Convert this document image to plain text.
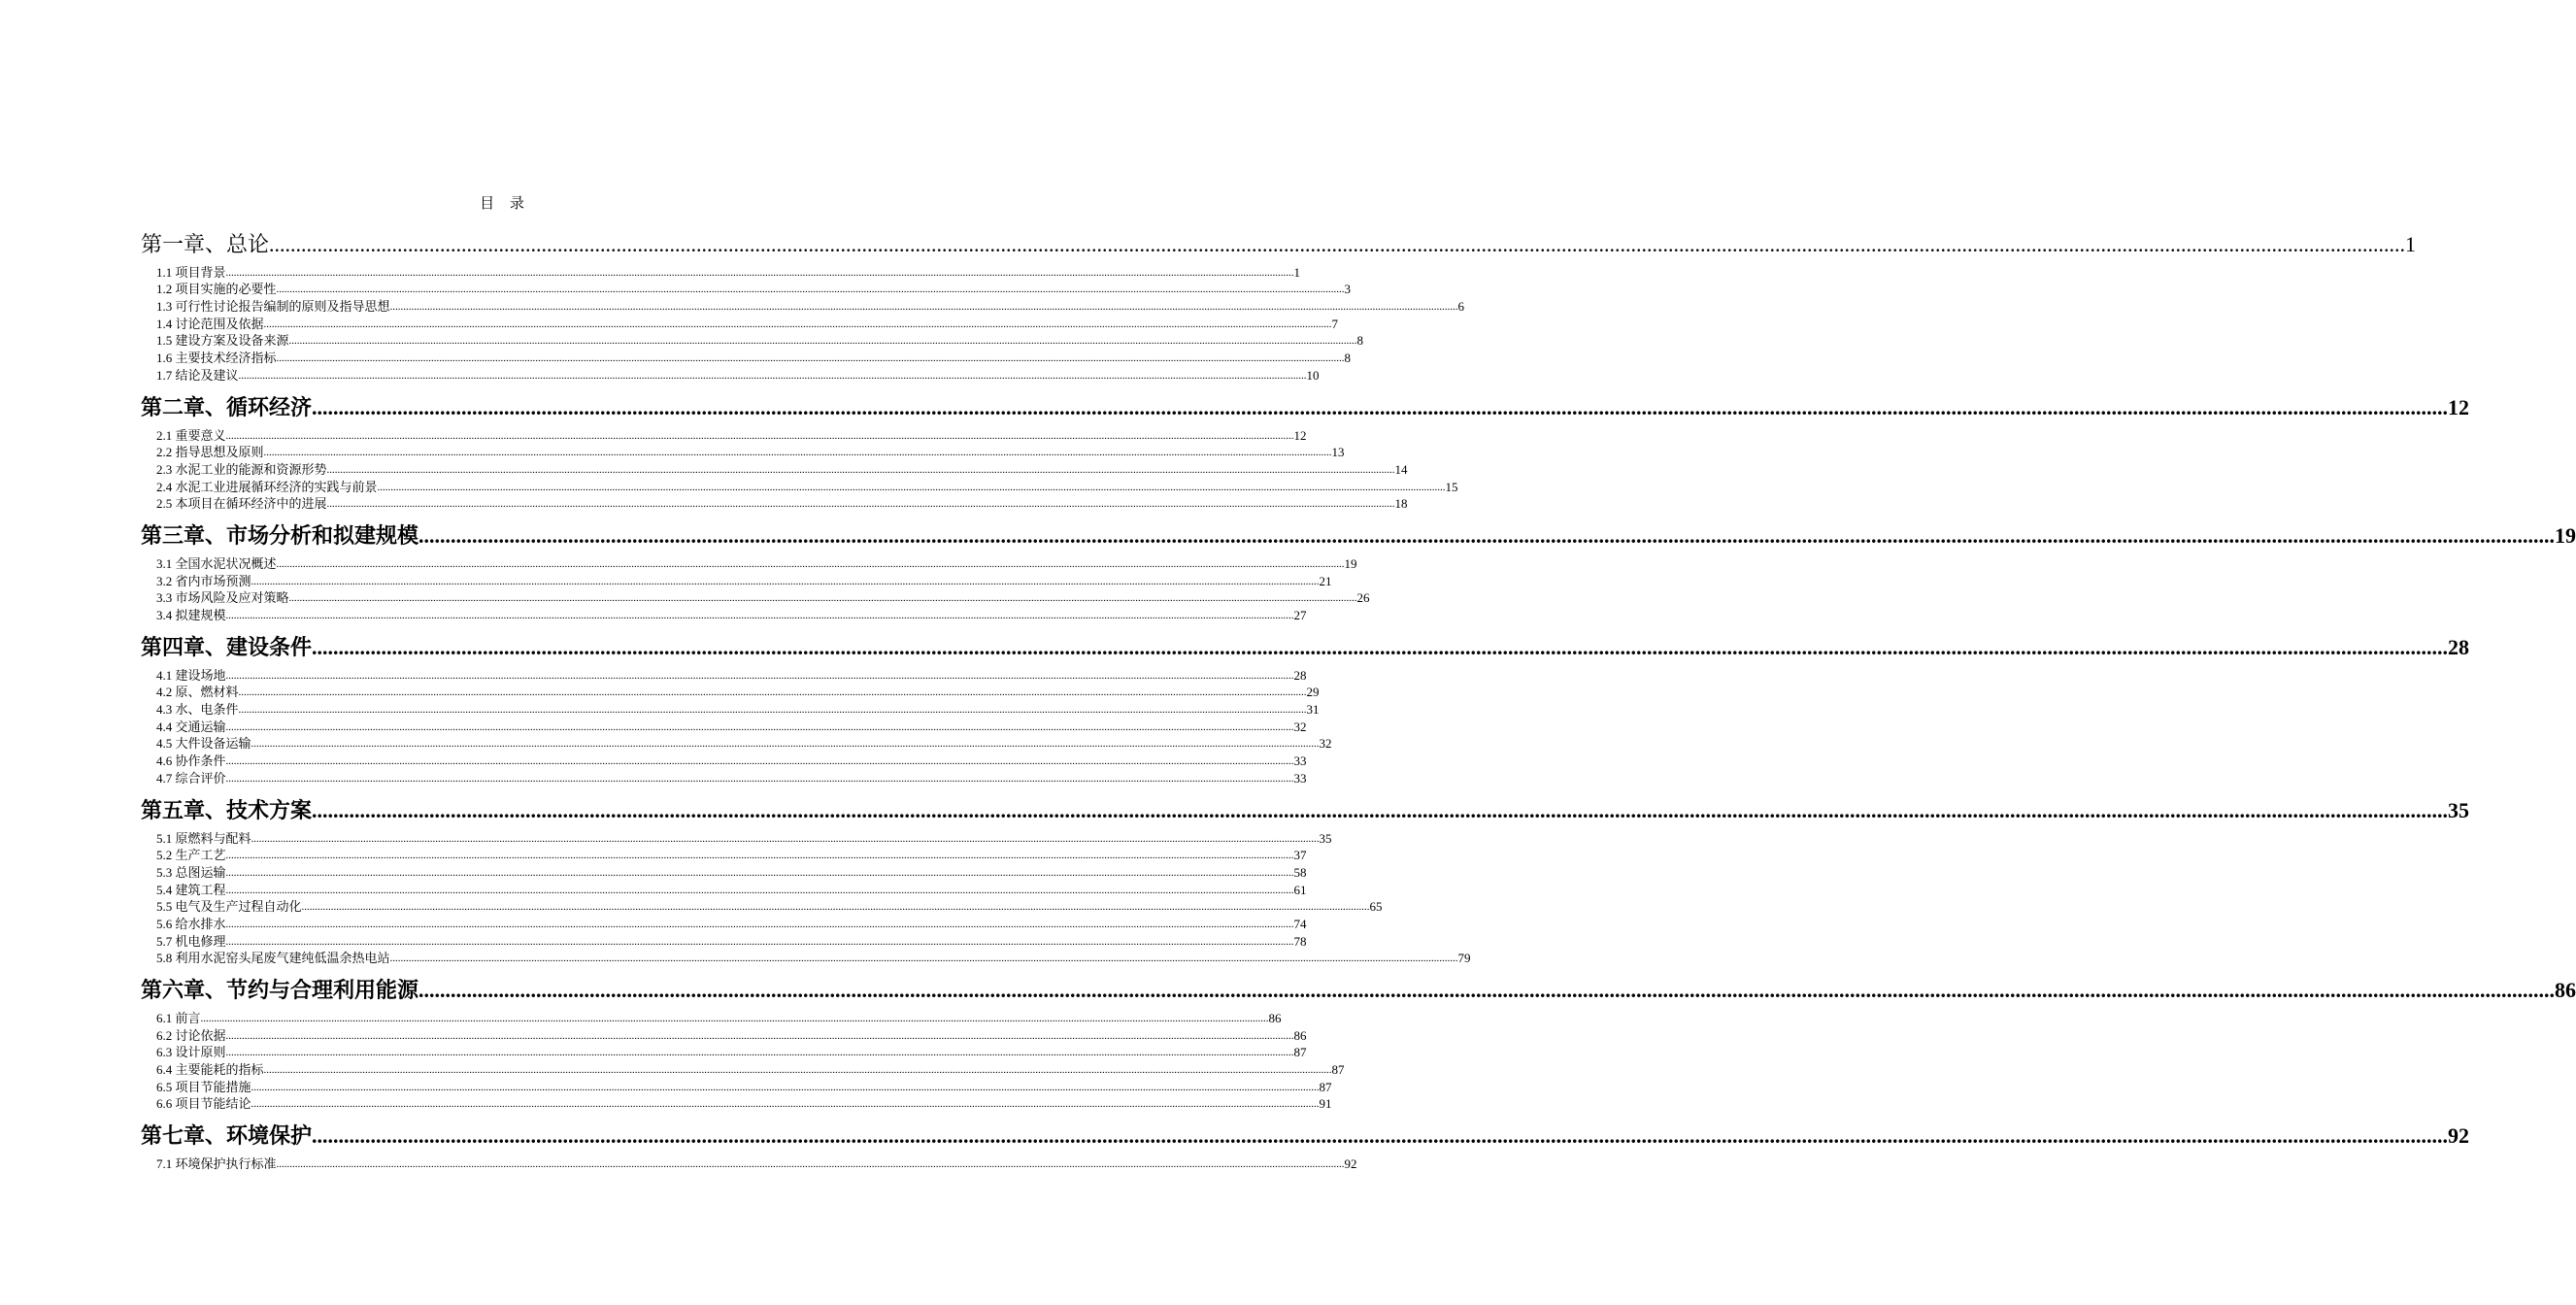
目 录
第一章、总论 ................................................................................................................................................................................................................................................................................................................................................................................................................ 1
1.1 项目背景 ................................................................................................................................................................................................................................................................................................................................................................................................................ 1
1.2 项目实施的必要性 ................................................................................................................................................................................................................................................................................................................................................................................................................ 3
1.3 可行性讨论报告编制的原则及指导思想 ................................................................................................................................................................................................................................................................................................................................................................................................................ 6
1.4 讨论范围及依据 ................................................................................................................................................................................................................................................................................................................................................................................................................ 7
1.5 建设方案及设备来源 ................................................................................................................................................................................................................................................................................................................................................................................................................ 8
1.6 主要技术经济指标 ................................................................................................................................................................................................................................................................................................................................................................................................................ 8
1.7 结论及建议 ................................................................................................................................................................................................................................................................................................................................................................................................................ 10
第二章、循环经济 ................................................................................................................................................................................................................................................................................................................................................................................................................ 12
2.1 重要意义 ................................................................................................................................................................................................................................................................................................................................................................................................................ 12
2.2 指导思想及原则 ................................................................................................................................................................................................................................................................................................................................................................................................................ 13
2.3 水泥工业的能源和资源形势 ................................................................................................................................................................................................................................................................................................................................................................................................................ 14
2.4 水泥工业进展循环经济的实践与前景 ................................................................................................................................................................................................................................................................................................................................................................................................................ 15
2.5 本项目在循环经济中的进展 ................................................................................................................................................................................................................................................................................................................................................................................................................ 18
第三章、市场分析和拟建规模 ................................................................................................................................................................................................................................................................................................................................................................................................................ 19
3.1 全国水泥状况概述 ................................................................................................................................................................................................................................................................................................................................................................................................................ 19
3.2 省内市场预测 ................................................................................................................................................................................................................................................................................................................................................................................................................ 21
3.3 市场风险及应对策略 ................................................................................................................................................................................................................................................................................................................................................................................................................ 26
3.4 拟建规模 ................................................................................................................................................................................................................................................................................................................................................................................................................ 27
第四章、建设条件 ................................................................................................................................................................................................................................................................................................................................................................................................................ 28
4.1 建设场地 ................................................................................................................................................................................................................................................................................................................................................................................................................ 28
4.2 原、燃材料 ................................................................................................................................................................................................................................................................................................................................................................................................................ 29
4.3 水、电条件 ................................................................................................................................................................................................................................................................................................................................................................................................................ 31
4.4 交通运输 ................................................................................................................................................................................................................................................................................................................................................................................................................ 32
4.5 大件设备运输 ................................................................................................................................................................................................................................................................................................................................................................................................................ 32
4.6 协作条件 ................................................................................................................................................................................................................................................................................................................................................................................................................ 33
4.7 综合评价 ................................................................................................................................................................................................................................................................................................................................................................................................................ 33
第五章、技术方案 ................................................................................................................................................................................................................................................................................................................................................................................................................ 35
5.1 原燃料与配料 ................................................................................................................................................................................................................................................................................................................................................................................................................ 35
5.2 生产工艺 ................................................................................................................................................................................................................................................................................................................................................................................................................ 37
5.3 总图运输 ................................................................................................................................................................................................................................................................................................................................................................................................................ 58
5.4 建筑工程 ................................................................................................................................................................................................................................................................................................................................................................................................................ 61
5.5 电气及生产过程自动化 ................................................................................................................................................................................................................................................................................................................................................................................................................ 65
5.6 给水排水 ................................................................................................................................................................................................................................................................................................................................................................................................................ 74
5.7 机电修理 ................................................................................................................................................................................................................................................................................................................................................................................................................ 78
5.8 利用水泥窑头尾废气建纯低温余热电站 ................................................................................................................................................................................................................................................................................................................................................................................................................ 79
第六章、节约与合理利用能源 ................................................................................................................................................................................................................................................................................................................................................................................................................ 86
6.1 前言 ................................................................................................................................................................................................................................................................................................................................................................................................................ 86
6.2 讨论依据 ................................................................................................................................................................................................................................................................................................................................................................................................................ 86
6.3 设计原则 ................................................................................................................................................................................................................................................................................................................................................................................................................ 87
6.4 主要能耗的指标 ................................................................................................................................................................................................................................................................................................................................................................................................................ 87
6.5 项目节能措施 ................................................................................................................................................................................................................................................................................................................................................................................................................ 87
6.6 项目节能结论 ................................................................................................................................................................................................................................................................................................................................................................................................................ 91
第七章、环境保护 ................................................................................................................................................................................................................................................................................................................................................................................................................ 92
7.1 环境保护执行标准 ................................................................................................................................................................................................................................................................................................................................................................................................................ 92
